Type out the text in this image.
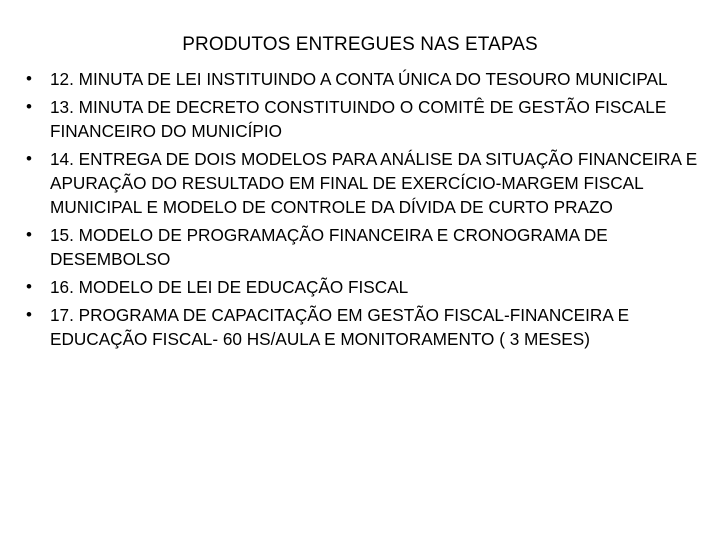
PRODUTOS ENTREGUES NAS ETAPAS
•	12. MINUTA DE LEI INSTITUINDO A CONTA ÚNICA DO TESOURO MUNICIPAL
•	13. MINUTA DE DECRETO CONSTITUINDO O COMITÊ DE GESTÃO FISCALE FINANCEIRO DO MUNICÍPIO
•	14. ENTREGA DE DOIS MODELOS PARA ANÁLISE DA SITUAÇÃO FINANCEIRA E APURAÇÃO DO RESULTADO EM FINAL DE EXERCÍCIO-MARGEM FISCAL MUNICIPAL E MODELO DE CONTROLE DA DÍVIDA DE CURTO PRAZO
•	15. MODELO DE PROGRAMAÇÃO FINANCEIRA E CRONOGRAMA DE DESEMBOLSO
•	16. MODELO DE LEI DE EDUCAÇÃO FISCAL
•	17. PROGRAMA DE CAPACITAÇÃO EM GESTÃO FISCAL-FINANCEIRA E EDUCAÇÃO FISCAL- 60 HS/AULA E MONITORAMENTO ( 3 MESES)
